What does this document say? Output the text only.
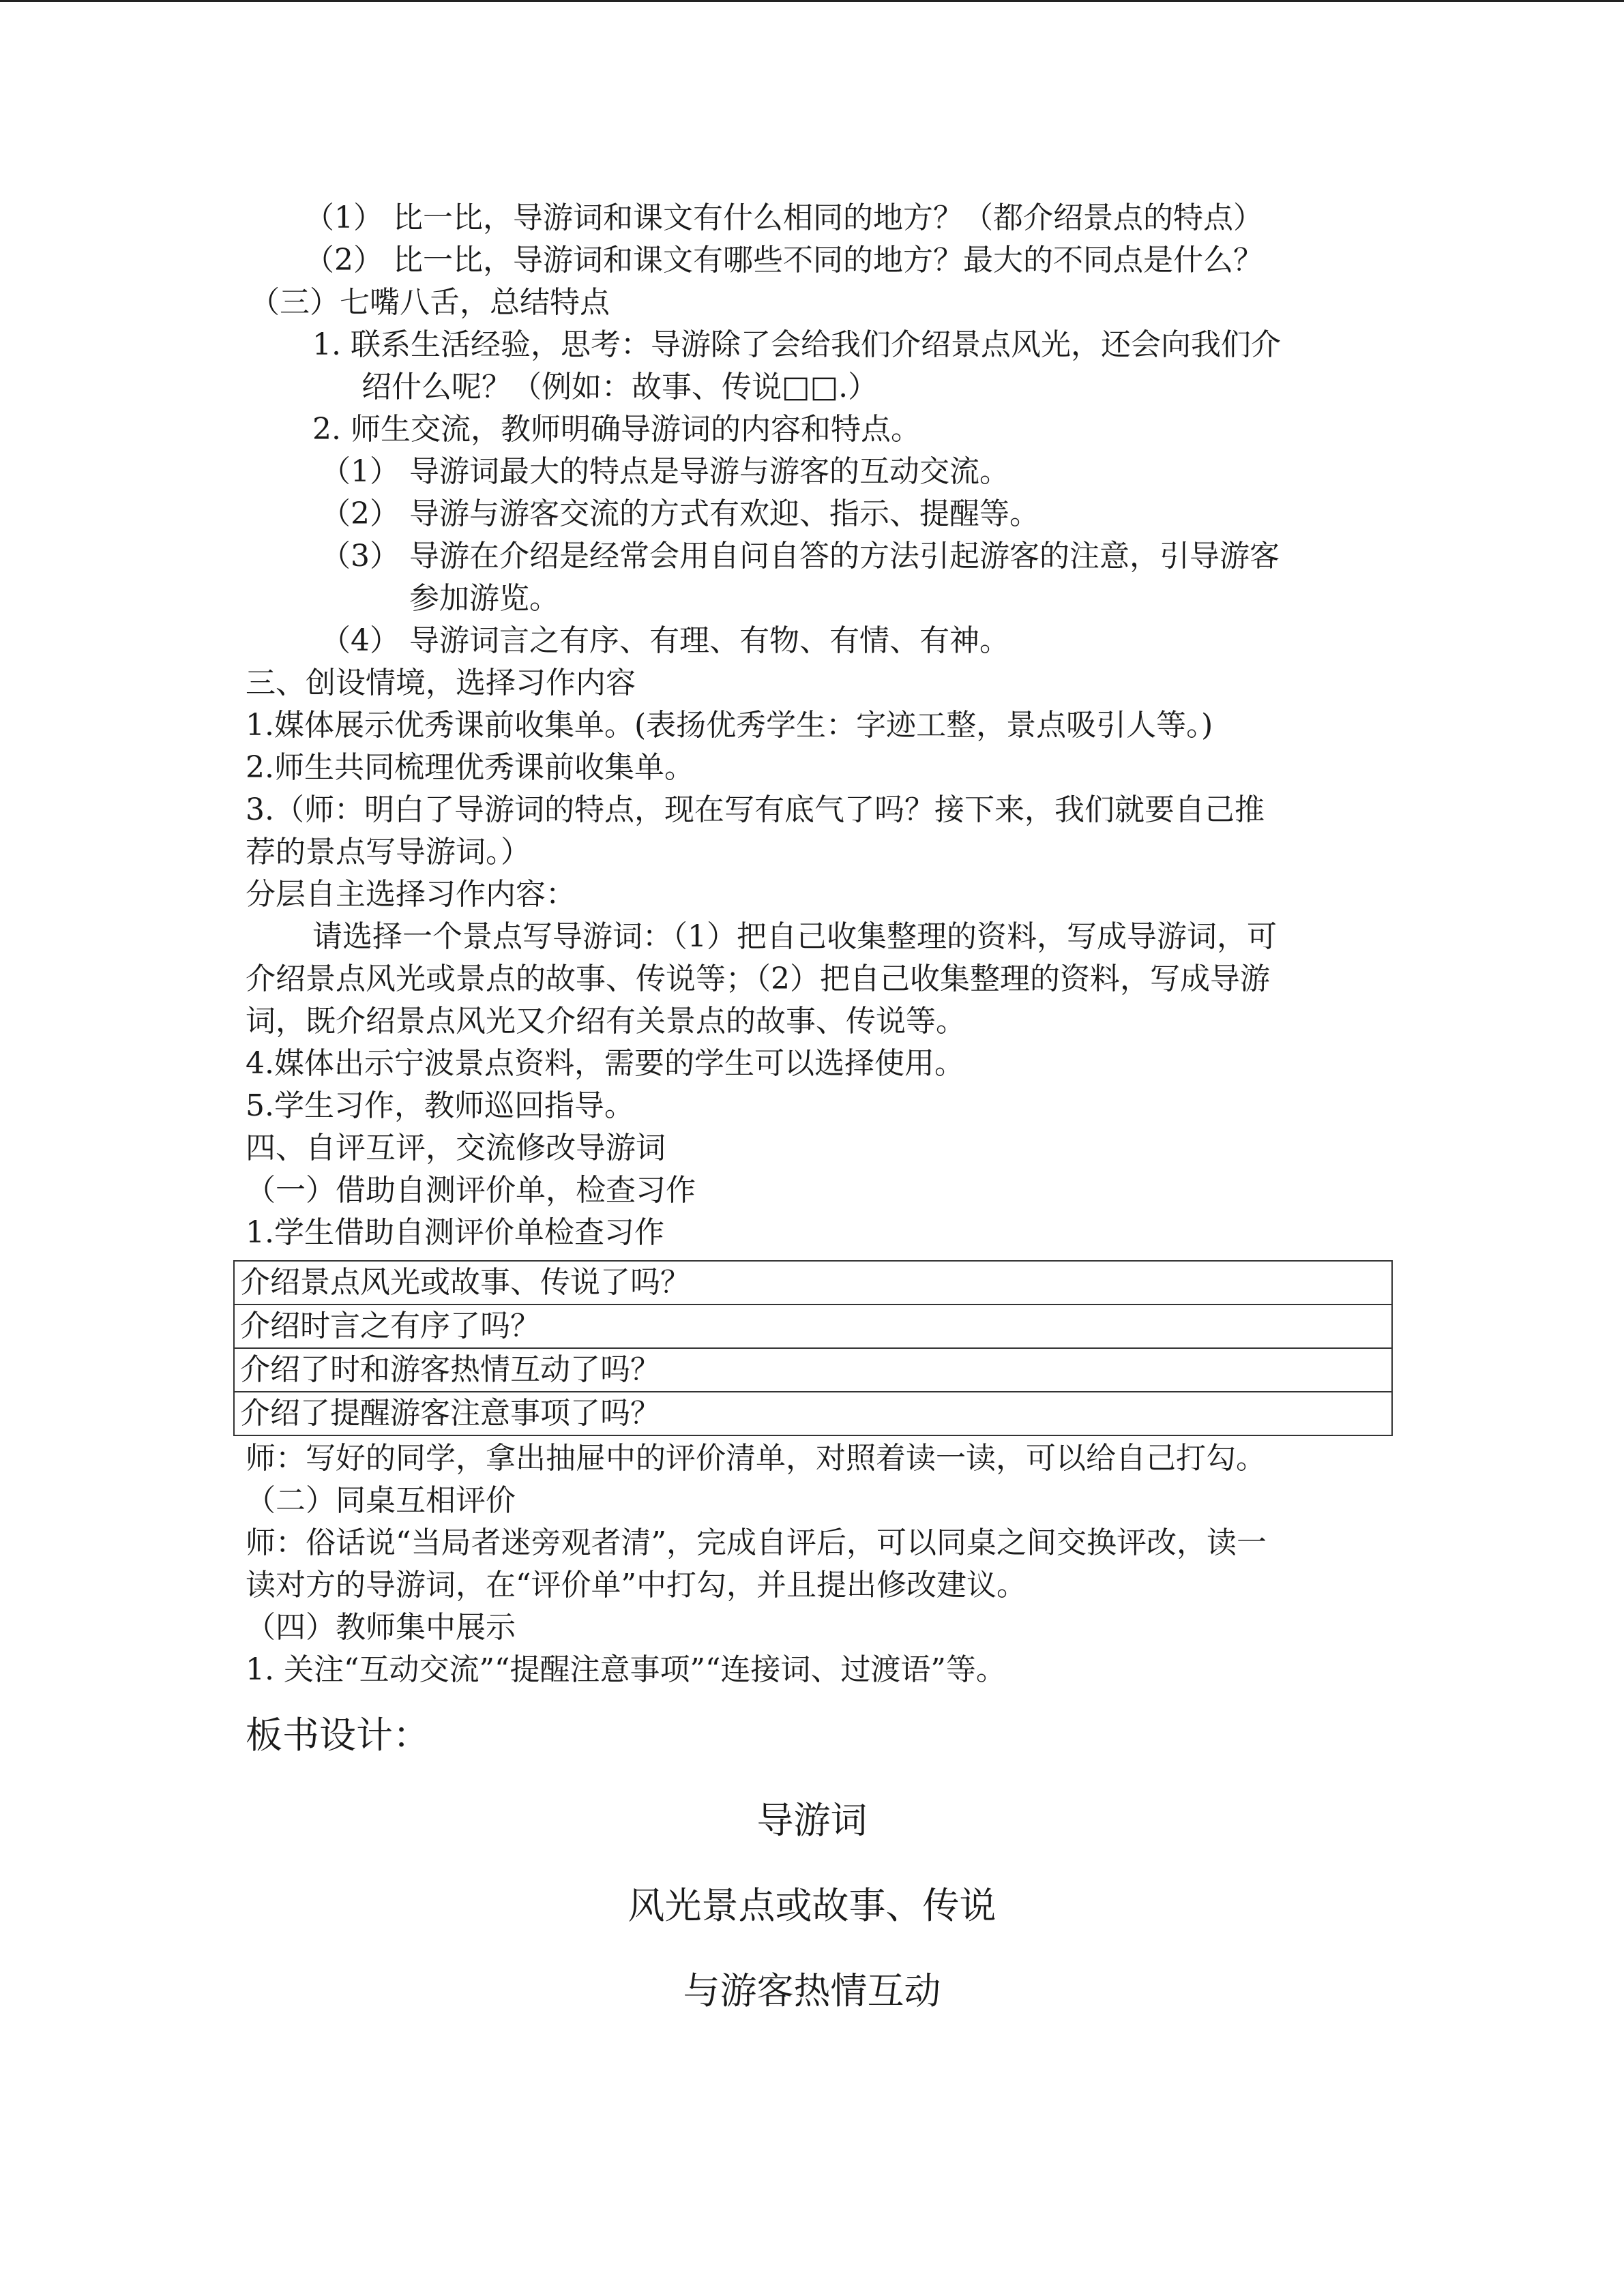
（1） 比一比，导游词和课文有什么相同的地方？（都介绍景点的特点）
（2） 比一比，导游词和课文有哪些不同的地方？最大的不同点是什么？
（三）七嘴八舌，总结特点
1. 联系生活经验，思考：导游除了会给我们介绍景点风光，还会向我们介
绍什么呢？（例如：故事、传说□□.）
2. 师生交流，教师明确导游词的内容和特点。
（1） 导游词最大的特点是导游与游客的互动交流。
（2） 导游与游客交流的方式有欢迎、指示、提醒等。
（3） 导游在介绍是经常会用自问自答的方法引起游客的注意，引导游客
参加游览。
（4） 导游词言之有序、有理、有物、有情、有神。
三、创设情境，选择习作内容
1.媒体展示优秀课前收集单。(表扬优秀学生：字迹工整，景点吸引人等。)
2.师生共同梳理优秀课前收集单。
3.（师：明白了导游词的特点，现在写有底气了吗？接下来，我们就要自己推
荐的景点写导游词。）
分层自主选择习作内容：
请选择一个景点写导游词：（1）把自己收集整理的资料，写成导游词，可
介绍景点风光或景点的故事、传说等；（2）把自己收集整理的资料，写成导游
词，既介绍景点风光又介绍有关景点的故事、传说等。
4.媒体出示宁波景点资料，需要的学生可以选择使用。
5.学生习作，教师巡回指导。
四、自评互评，交流修改导游词
（一）借助自测评价单，检查习作
1.学生借助自测评价单检查习作
介绍景点风光或故事、传说了吗？
介绍时言之有序了吗？
介绍了时和游客热情互动了吗？
介绍了提醒游客注意事项了吗？
师：写好的同学，拿出抽屉中的评价清单，对照着读一读，可以给自己打勾。
（二）同桌互相评价
师：俗话说“当局者迷旁观者清”，完成自评后，可以同桌之间交换评改，读一
读对方的导游词，在“评价单”中打勾，并且提出修改建议。
（四）教师集中展示
1. 关注“互动交流”“提醒注意事项”“连接词、过渡语”等。
板书设计：
导游词
风光景点或故事、传说
与游客热情互动
